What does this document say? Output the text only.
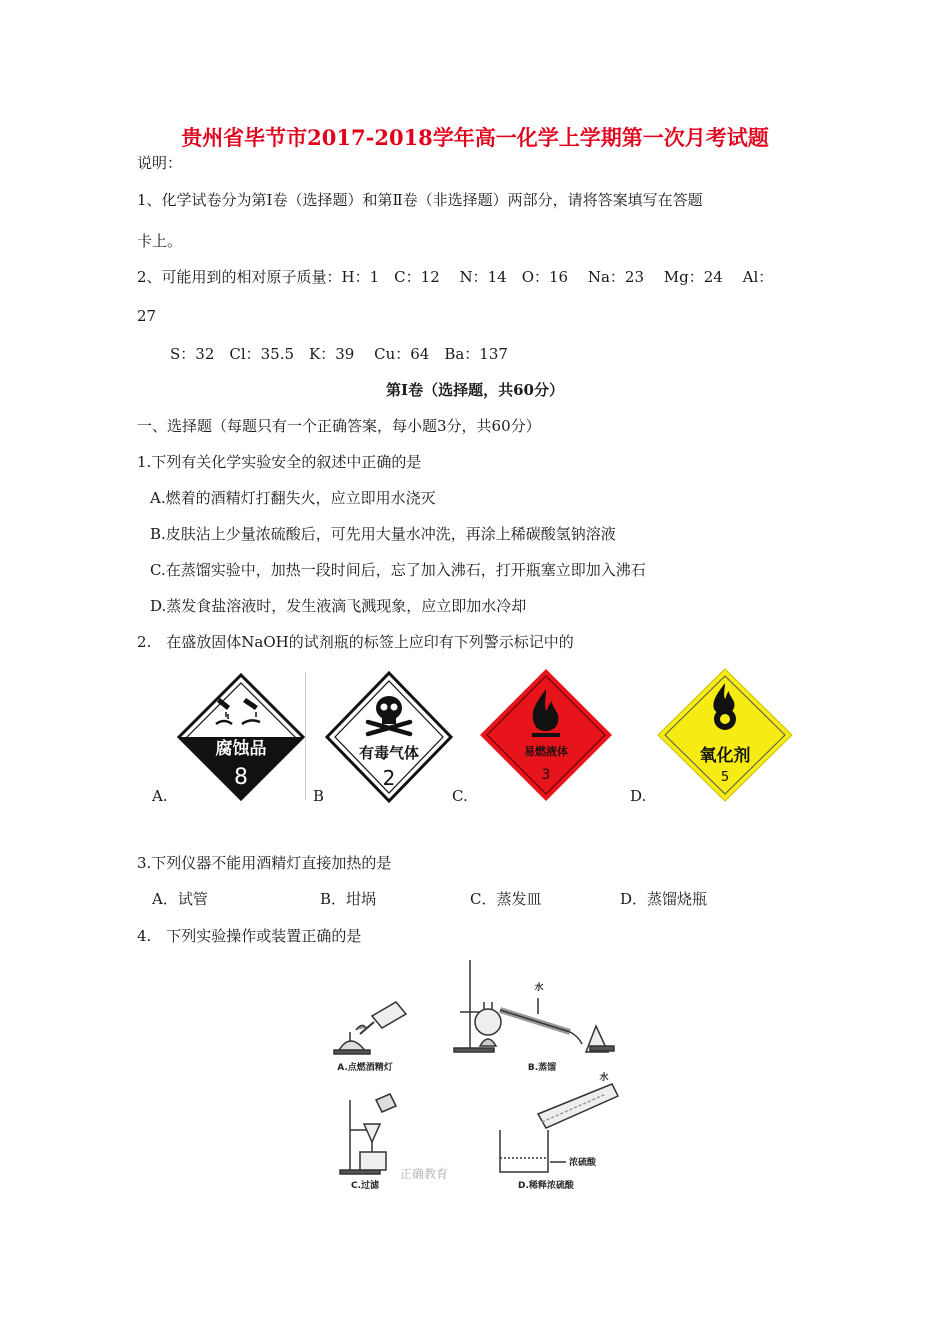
贵州省毕节市2017-2018学年高一化学上学期第一次月考试题
说明：
1、化学试卷分为第Ⅰ卷（选择题）和第Ⅱ卷（非选择题）两部分，请将答案填写在答题
卡上。
2、可能用到的相对原子质量：H：1　C：12　 N：14　O：16　 Na：23　 Mg：24　 Al：
27
S：32　Cl：35.5　K：39　 Cu：64　Ba：137
第Ⅰ卷（选择题，共60分）
一、选择题（每题只有一个正确答案，每小题3分，共60分）
1.下列有关化学实验安全的叙述中正确的是
A.燃着的酒精灯打翻失火，应立即用水浇灭
B.皮肤沾上少量浓硫酸后，可先用大量水冲洗，再涂上稀碳酸氢钠溶液
C.在蒸馏实验中，加热一段时间后，忘了加入沸石，打开瓶塞立即加入沸石
D.蒸发食盐溶液时，发生液滴飞溅现象，应立即加水冷却
2.　在盛放固体NaOH的试剂瓶的标签上应印有下列警示标记中的
腐蚀品
8
A.
有毒气体
2
B
易燃液体
3
C.
氧化剂
5
D.
3.下列仪器不能用酒精灯直接加热的是
A．试管	B．坩埚	C．蒸发皿	D．蒸馏烧瓶
4.　下列实验操作或装置正确的是
A.点燃酒精灯
水
B.蒸馏
C.过滤
水
浓硫酸
D.稀释浓硫酸
正确教育
